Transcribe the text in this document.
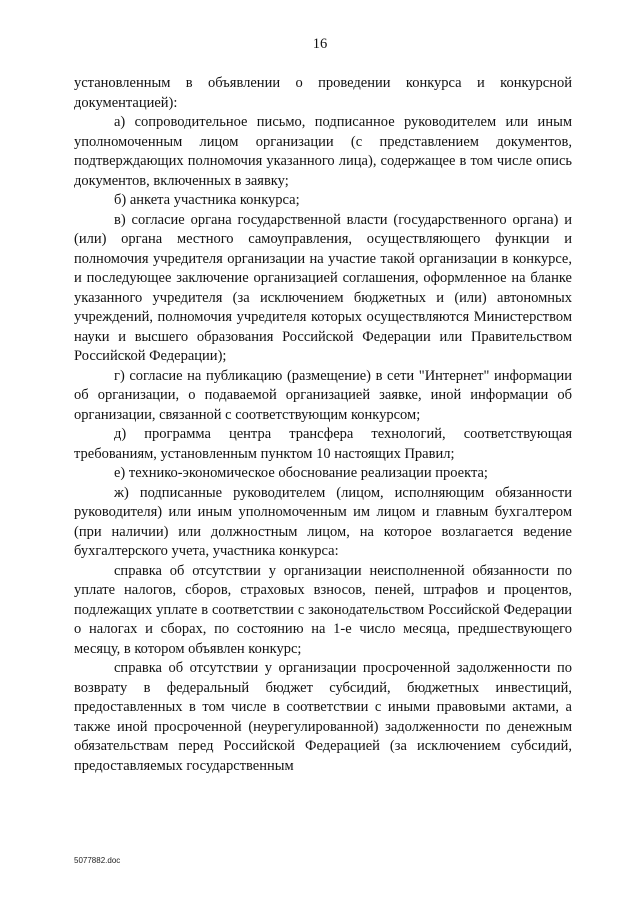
16

установленным в объявлении о проведении конкурса и конкурсной документацией):

а) сопроводительное письмо, подписанное руководителем или иным уполномоченным лицом организации (с представлением документов, подтверждающих полномочия указанного лица), содержащее в том числе опись документов, включенных в заявку;

б) анкета участника конкурса;

в) согласие органа государственной власти (государственного органа) и (или) органа местного самоуправления, осуществляющего функции и полномочия учредителя организации на участие такой организации в конкурсе, и последующее заключение организацией соглашения, оформленное на бланке указанного учредителя (за исключением бюджетных и (или) автономных учреждений, полномочия учредителя которых осуществляются Министерством науки и высшего образования Российской Федерации или Правительством Российской Федерации);

г) согласие на публикацию (размещение) в сети "Интернет" информации об организации, о подаваемой организацией заявке, иной информации об организации, связанной с соответствующим конкурсом;

д) программа центра трансфера технологий, соответствующая требованиям, установленным пунктом 10 настоящих Правил;

е) технико-экономическое обоснование реализации проекта;

ж) подписанные руководителем (лицом, исполняющим обязанности руководителя) или иным уполномоченным им лицом и главным бухгалтером (при наличии) или должностным лицом, на которое возлагается ведение бухгалтерского учета, участника конкурса:

справка об отсутствии у организации неисполненной обязанности по уплате налогов, сборов, страховых взносов, пеней, штрафов и процентов, подлежащих уплате в соответствии с законодательством Российской Федерации о налогах и сборах, по состоянию на 1-е число месяца, предшествующего месяцу, в котором объявлен конкурс;

справка об отсутствии у организации просроченной задолженности по возврату в федеральный бюджет субсидий, бюджетных инвестиций, предоставленных в том числе в соответствии с иными правовыми актами, а также иной просроченной (неурегулированной) задолженности по денежным обязательствам перед Российской Федерацией (за исключением субсидий, предоставляемых государственным

5077882.doc
